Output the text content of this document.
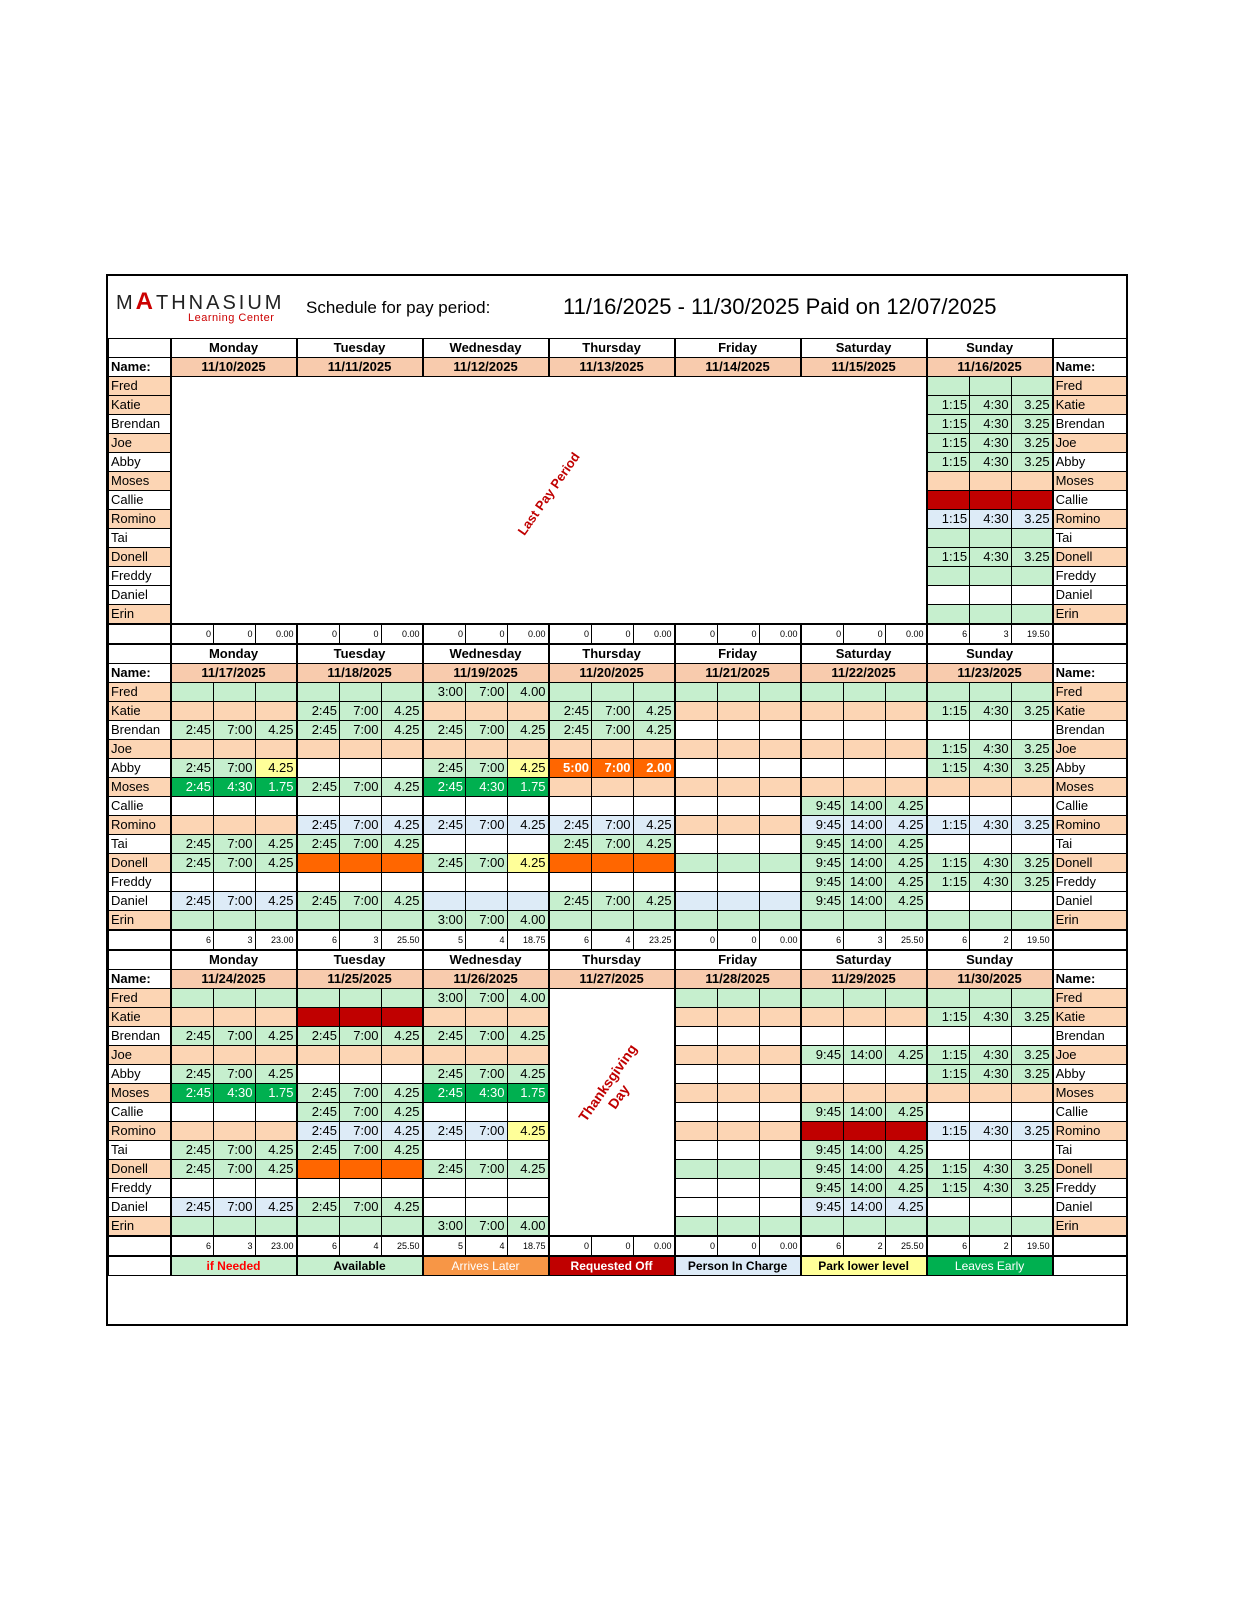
MATHNASIUM
Learning Center
Schedule for pay period:	11/16/2025 - 11/30/2025 Paid on 12/07/2025
	Monday			Tuesday			Wednesday			Thursday			Friday			Saturday			Sunday			
Name:	11/10/2025			11/11/2025			11/12/2025			11/13/2025			11/14/2025			11/15/2025			11/16/2025			Name:
Fred	Last Pay Period																					Fred
Katie																			1:15	4:30	3.25	Katie
Brendan																			1:15	4:30	3.25	Brendan
Joe																			1:15	4:30	3.25	Joe
Abby																			1:15	4:30	3.25	Abby
Moses																						Moses
Callie																						Callie
Romino																			1:15	4:30	3.25	Romino
Tai																						Tai
Donell																			1:15	4:30	3.25	Donell
Freddy																						Freddy
Daniel																						Daniel
Erin																						Erin
	0	0	0.00	0	0	0.00	0	0	0.00	0	0	0.00	0	0	0.00	0	0	0.00	6	3	19.50	
	Monday			Tuesday			Wednesday			Thursday			Friday			Saturday			Sunday			
Name:	11/17/2025			11/18/2025			11/19/2025			11/20/2025			11/21/2025			11/22/2025			11/23/2025			Name:
Fred							3:00	7:00	4.00													Fred
Katie				2:45	7:00	4.25				2:45	7:00	4.25							1:15	4:30	3.25	Katie
Brendan	2:45	7:00	4.25	2:45	7:00	4.25	2:45	7:00	4.25	2:45	7:00	4.25										Brendan
Joe																			1:15	4:30	3.25	Joe
Abby	2:45	7:00	4.25				2:45	7:00	4.25	5:00	7:00	2.00							1:15	4:30	3.25	Abby
Moses	2:45	4:30	1.75	2:45	7:00	4.25	2:45	4:30	1.75													Moses
Callie																9:45	14:00	4.25				Callie
Romino				2:45	7:00	4.25	2:45	7:00	4.25	2:45	7:00	4.25				9:45	14:00	4.25	1:15	4:30	3.25	Romino
Tai	2:45	7:00	4.25	2:45	7:00	4.25				2:45	7:00	4.25				9:45	14:00	4.25				Tai
Donell	2:45	7:00	4.25				2:45	7:00	4.25							9:45	14:00	4.25	1:15	4:30	3.25	Donell
Freddy																9:45	14:00	4.25	1:15	4:30	3.25	Freddy
Daniel	2:45	7:00	4.25	2:45	7:00	4.25				2:45	7:00	4.25				9:45	14:00	4.25				Daniel
Erin							3:00	7:00	4.00													Erin
	6	3	23.00	6	3	25.50	5	4	18.75	6	4	23.25	0	0	0.00	6	3	25.50	6	2	19.50	
	Monday			Tuesday			Wednesday			Thursday			Friday			Saturday			Sunday			
Name:	11/24/2025			11/25/2025			11/26/2025			11/27/2025			11/28/2025			11/29/2025			11/30/2025			Name:
Fred							3:00	7:00	4.00	Thanksgiving Day												Fred
Katie																			1:15	4:30	3.25	Katie
Brendan	2:45	7:00	4.25	2:45	7:00	4.25	2:45	7:00	4.25													Brendan
Joe																9:45	14:00	4.25	1:15	4:30	3.25	Joe
Abby	2:45	7:00	4.25				2:45	7:00	4.25										1:15	4:30	3.25	Abby
Moses	2:45	4:30	1.75	2:45	7:00	4.25	2:45	4:30	1.75													Moses
Callie				2:45	7:00	4.25										9:45	14:00	4.25				Callie
Romino				2:45	7:00	4.25	2:45	7:00	4.25										1:15	4:30	3.25	Romino
Tai	2:45	7:00	4.25	2:45	7:00	4.25										9:45	14:00	4.25				Tai
Donell	2:45	7:00	4.25				2:45	7:00	4.25							9:45	14:00	4.25	1:15	4:30	3.25	Donell
Freddy																9:45	14:00	4.25	1:15	4:30	3.25	Freddy
Daniel	2:45	7:00	4.25	2:45	7:00	4.25										9:45	14:00	4.25				Daniel
Erin							3:00	7:00	4.00													Erin
	6	3	23.00	6	4	25.50	5	4	18.75	0	0	0.00	0	0	0.00	6	2	25.50	6	2	19.50	
	if Needed			Available			Arrives Later			Requested Off			Person In Charge			Park lower level			Leaves Early			
